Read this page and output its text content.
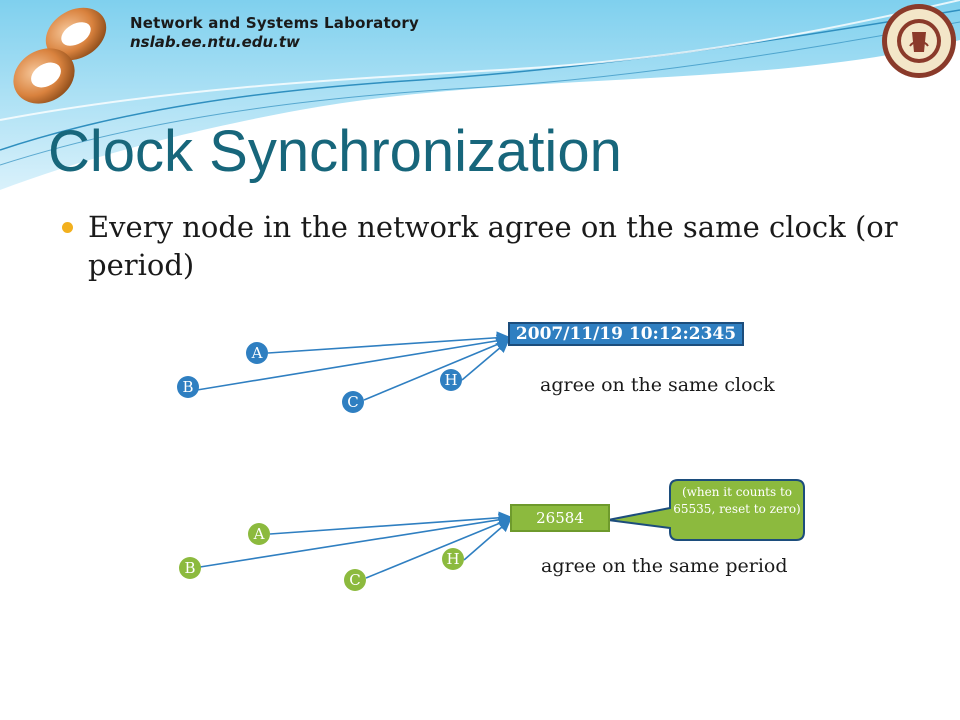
Network and Systems Laboratory
nslab.ee.ntu.edu.tw
Clock Synchronization
Every node in the network agree on the same clock (or period)
A
B
C
H
2007/11/19 10:12:2345
agree on the same clock
A
B
C
H
26584
(when it counts to 65535, reset to zero)
agree on the same period
